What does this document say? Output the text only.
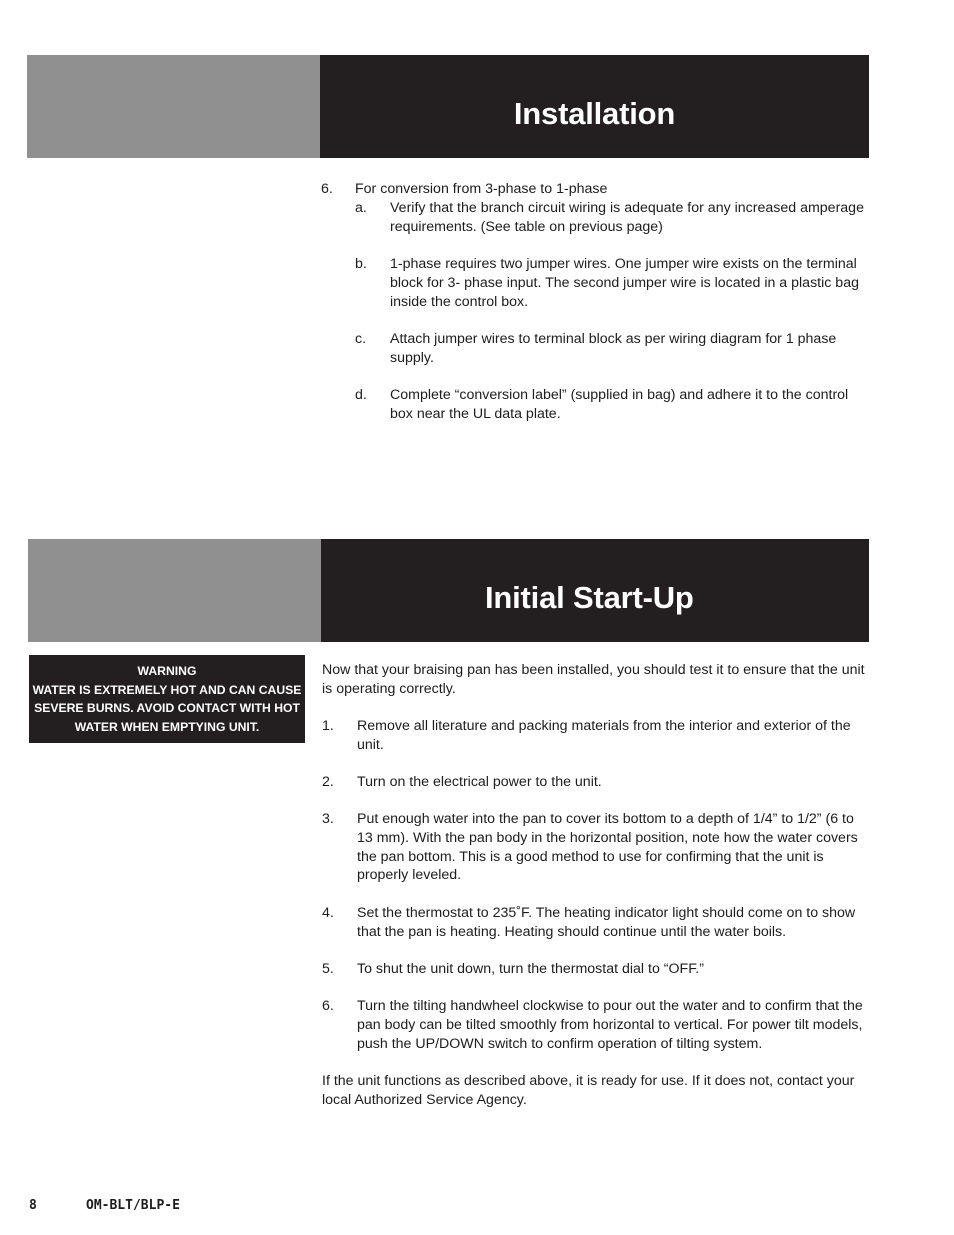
Installation
6.	For conversion from 3-phase to 1-phase
a.	Verify that the branch circuit wiring is adequate for any increased amperage requirements. (See table on previous page)
b.	1-phase requires two jumper wires. One jumper wire exists on the terminal block for 3- phase input. The second jumper wire is located in a plastic bag inside the control box.
c.	Attach jumper wires to terminal block as per wiring diagram for 1 phase supply.
d.	Complete “conversion label” (supplied in bag) and adhere it to the control box near the UL data plate.
Initial Start-Up
WARNING
WATER IS EXTREMELY HOT AND CAN CAUSE
SEVERE BURNS. AVOID CONTACT WITH HOT
WATER WHEN EMPTYING UNIT.
Now that your braising pan has been installed, you should test it to ensure that the unit is operating correctly.
1.	Remove all literature and packing materials from the interior and exterior of the unit.
2.	Turn on the electrical power to the unit.
3.	Put enough water into the pan to cover its bottom to a depth of 1/4” to 1/2” (6 to 13 mm). With the pan body in the horizontal position, note how the water covers the pan bottom. This is a good method to use for confirming that the unit is properly leveled.
4.	Set the thermostat to 235˚F. The heating indicator light should come on to show that the pan is heating. Heating should continue until the water boils.
5.	To shut the unit down, turn the thermostat dial to “OFF.”
6.	Turn the tilting handwheel clockwise to pour out the water and to confirm that the pan body can be tilted smoothly from horizontal to vertical. For power tilt models, push the UP/DOWN switch to confirm operation of tilting system.
If the unit functions as described above, it is ready for use. If it does not, contact your local Authorized Service Agency.
8	OM-BLT/BLP-E
